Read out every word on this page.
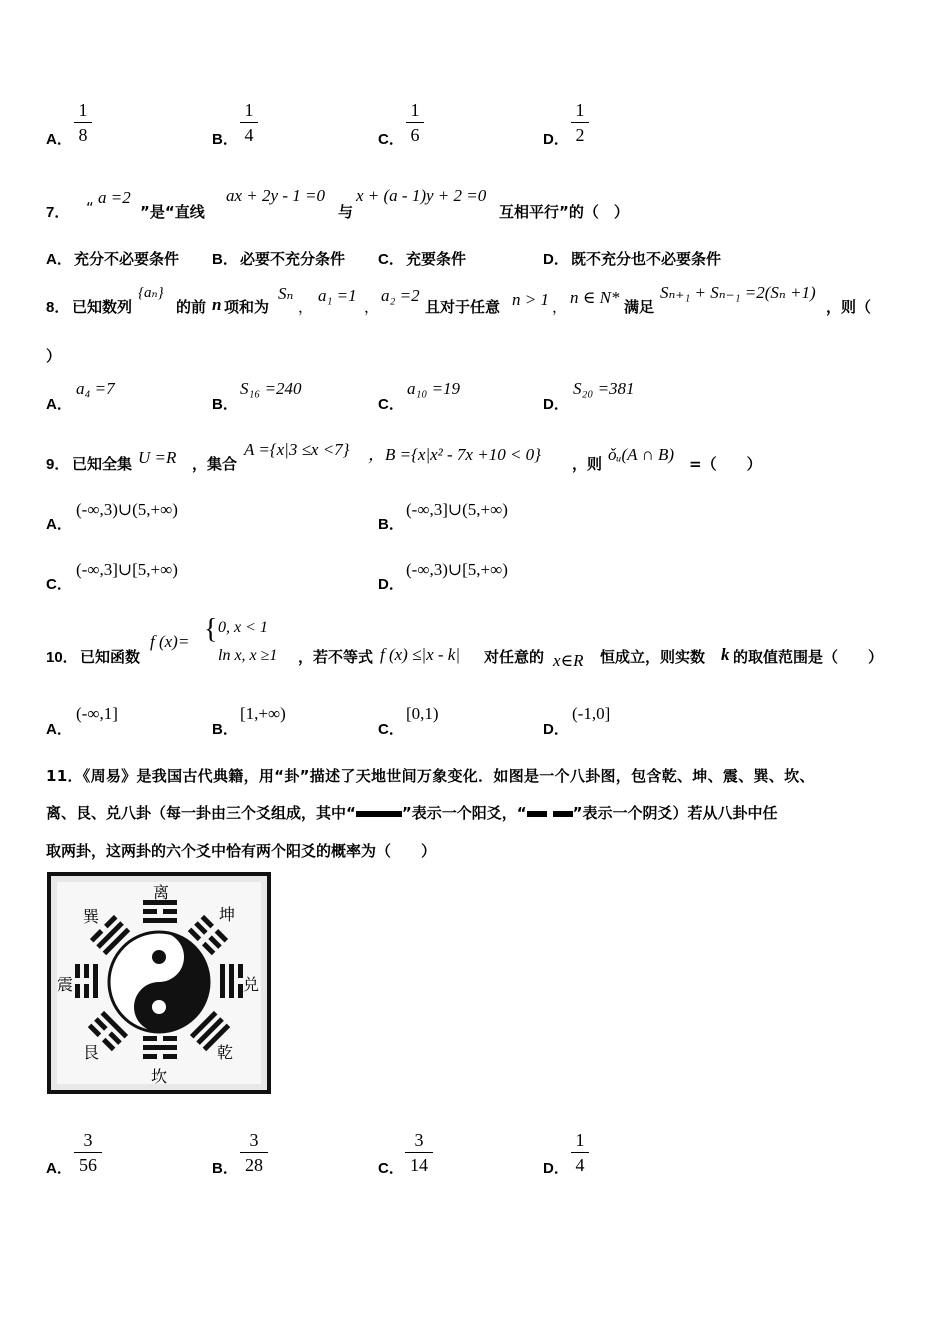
A．
1
8	B．
1
4	C．
1
6	D．
1
2
7． “
a =2
”是“直线
ax + 2y - 1 =0
与
x + (a - 1)y + 2 =0
互相平行”的（　）
A． 充分不必要条件 B． 必要不充分条件 C． 充要条件	D． 既不充分也不必要条件
8． 已知数列
{aₙ}
的前 n 项和为
Sₙ
，
a₁ =1
，
a₂ =2
且对于任意 n > 1 ， n ∈ N* 满足
Sₙ₊₁ + Sₙ₋₁ =2(Sₙ +1)
，则（
）
A．
a₄ =7
B．
S₁₆ =240
C．
a₁₀ =19
D．
S₂₀ =381
9． 已知全集 U =R ，集合
A ={x|3 ≤x <7} ，B ={x|x² - 7x +10 < 0} ，则 ǒᵤ(A ∩ B) =（　　）
A．
(-∞,3)∪(5,+∞)
B．
(-∞,3]∪(5,+∞)
C．
(-∞,3]∪[5,+∞)
D．
(-∞,3)∪[5,+∞)
10． 已知函数
f (x)= { 0, x < 1
ln x, x ≥1 ，若不等式 f (x) ≤|x - k| 对任意的 x∈R 恒成立，则实数 k 的取值范围是（　　）
A．
(-∞,1]
B．
[1,+∞)
C．
[0,1)
D．
(-1,0]
11．《周易》是我国古代典籍，用“卦”描述了天地世间万象变化．如图是一个八卦图，包含乾、坤、震、巽、坎、
离、艮、兑八卦（每一卦由三个爻组成，其中“	”表示一个阳爻，“	”表示一个阴爻）若从八卦中任
取两卦，这两卦的六个爻中恰有两个阳爻的概率为（　　）
离
坤
兑
乾
坎
艮
震
巽
A．
3
56	B．
3
28	C．
3
14	D．
1
4
